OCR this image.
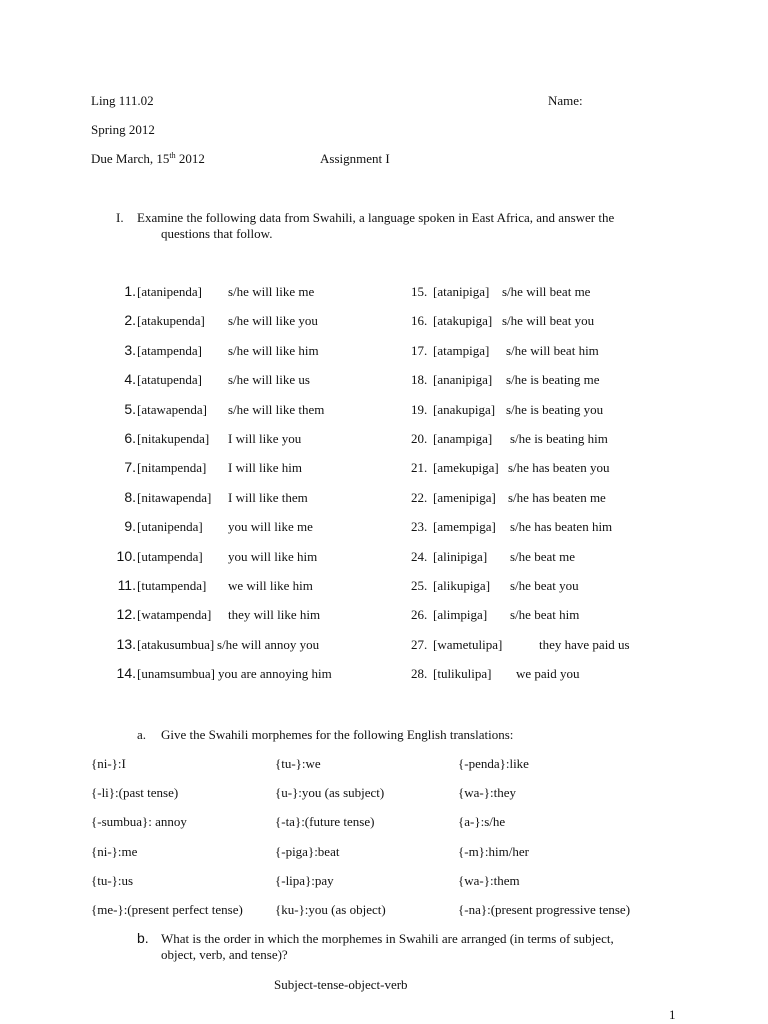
Ling 111.02	Name:
Spring 2012
Due March, 15th 2012	Assignment I
I. Examine the following data from Swahili, a language spoken in East Africa, and answer the
questions that follow.
1. [atanipenda] s/he will like me
2. [atakupenda] s/he will like you
3. [atampenda] s/he will like him
4. [atatupenda] s/he will like us
5. [atawapenda] s/he will like them
6. [nitakupenda] I will like you
7. [nitampenda] I will like him
8. [nitawapenda] I will like them
9. [utanipenda] you will like me
10. [utampenda] you will like him
11. [tutampenda] we will like him
12. [watampenda] they will like him
13. [atakusumbua] s/he will annoy you
14. [unamsumbua] you are annoying him
15. [atanipiga] s/he will beat me
16. [atakupiga] s/he will beat you
17. [atampiga] s/he will beat him
18. [ananipiga] s/he is beating me
19. [anakupiga] s/he is beating you
20. [anampiga] s/he is beating him
21. [amekupiga] s/he has beaten you
22. [amenipiga] s/he has beaten me
23. [amempiga] s/he has beaten him
24. [alinipiga] s/he beat me
25. [alikupiga] s/he beat you
26. [alimpiga] s/he beat him
27. [wametulipa]	they have paid us
28. [tulikulipa] we paid you
a. Give the Swahili morphemes for the following English translations:
{ni-}:I	{tu-}:we	{-penda}:like
{-li}:(past tense)	{u-}:you (as subject)	{wa-}:they
{-sumbua}: annoy	{-ta}:(future tense)	{a-}:s/he
{ni-}:me	{-piga}:beat	{-m}:him/her
{tu-}:us	{-lipa}:pay	{wa-}:them
{me-}:(present perfect tense) {ku-}:you (as object)	{-na}:(present progressive tense)
b. What is the order in which the morphemes in Swahili are arranged (in terms of subject,
object, verb, and tense)?
Subject-tense-object-verb
1
